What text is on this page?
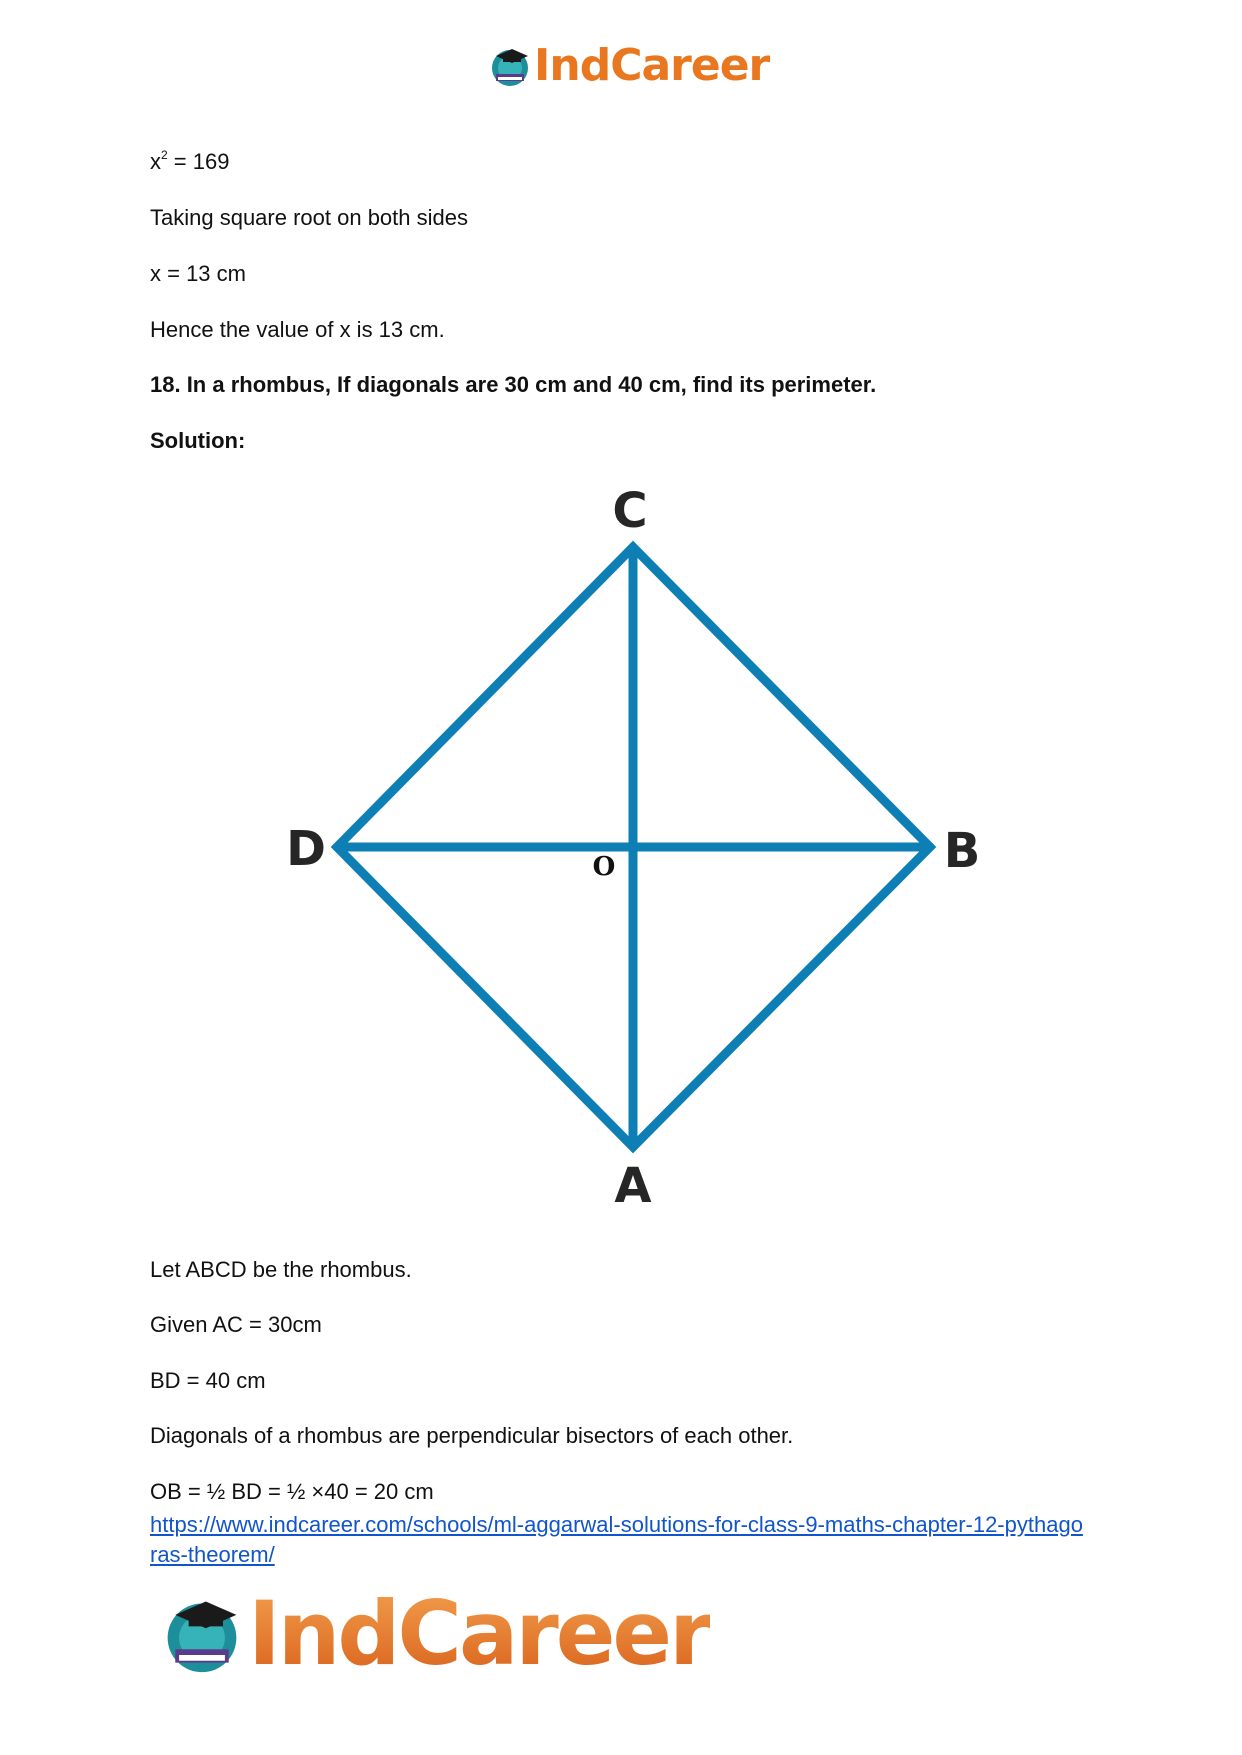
IndCareer
$x^2 = 169$
Taking square root on both sides
x = 13 cm
Hence the value of x is 13 cm.
18. In a rhombus, If diagonals are 30 cm and 40 cm, find its perimeter.
Solution:
C
D	B
A
O
Let ABCD be the rhombus.
Given AC = 30cm
BD = 40 cm
Diagonals of a rhombus are perpendicular bisectors of each other.
OB = ½ BD = ½ ×40 = 20 cm
https://www.indcareer.com/schools/ml-aggarwal-solutions-for-class-9-maths-chapter-12-pythagoras-theorem/
IndCareer
